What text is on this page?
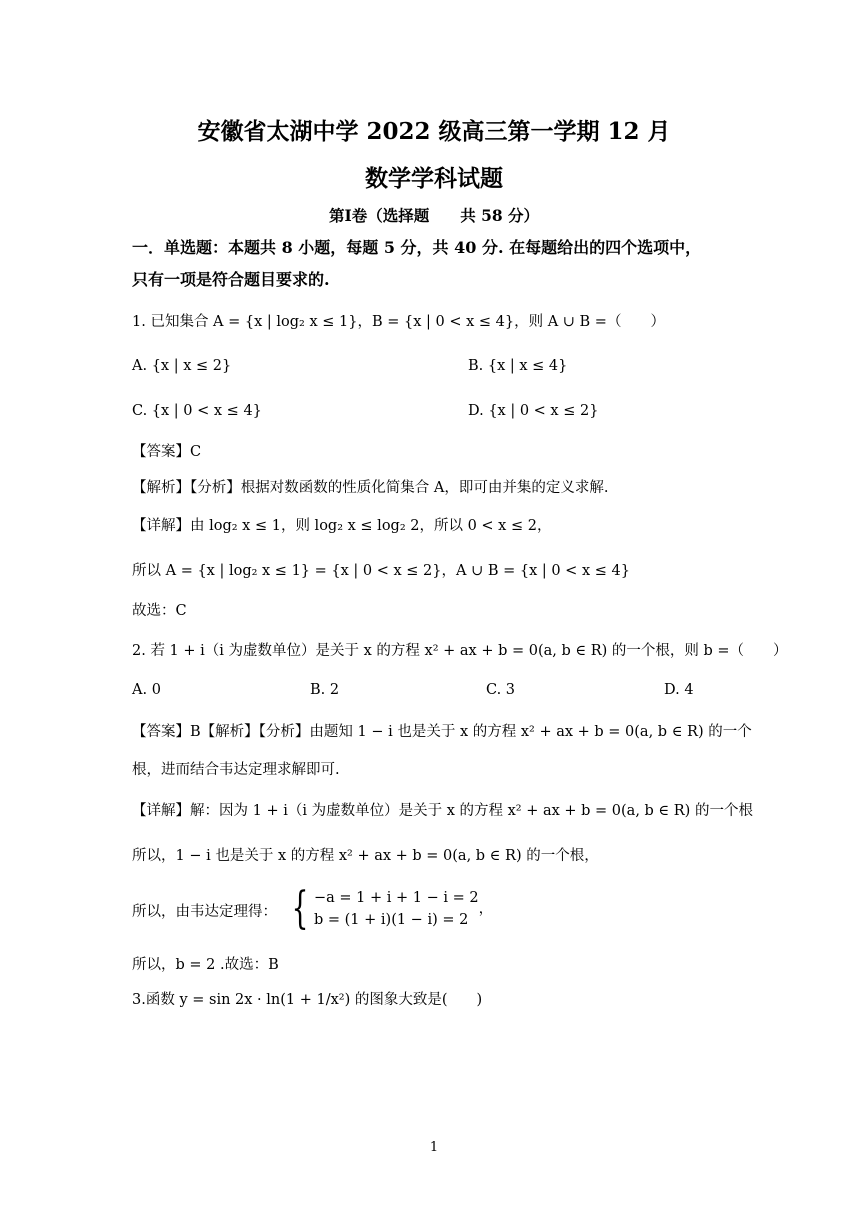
安徽省太湖中学 2022 级高三第一学期 12 月
数学学科试题
第Ⅰ卷（选择题　　共 58 分）
一．单选题：本题共 8 小题，每题 5 分，共 40 分. 在每题给出的四个选项中，
只有一项是符合题目要求的.
1. 已知集合 A = {x | log₂ x ≤ 1}，B = {x | 0 < x ≤ 4}，则 A ∪ B =（　　）
A. {x | x ≤ 2}	B. {x | x ≤ 4}
C. {x | 0 < x ≤ 4}	D. {x | 0 < x ≤ 2}
【答案】C
【解析】【分析】根据对数函数的性质化简集合 A，即可由并集的定义求解.
【详解】由 log₂ x ≤ 1，则 log₂ x ≤ log₂ 2，所以 0 < x ≤ 2，
所以 A = {x | log₂ x ≤ 1} = {x | 0 < x ≤ 2}，A ∪ B = {x | 0 < x ≤ 4}
故选：C
2. 若 1 + i（i 为虚数单位）是关于 x 的方程 x² + ax + b = 0(a, b ∈ R) 的一个根，则 b =（　　）
A. 0	B. 2	C. 3	D. 4
【答案】B【解析】【分析】由题知 1 − i 也是关于 x 的方程 x² + ax + b = 0(a, b ∈ R) 的一个
根，进而结合韦达定理求解即可.
【详解】解：因为 1 + i（i 为虚数单位）是关于 x 的方程 x² + ax + b = 0(a, b ∈ R) 的一个根
所以，1 − i 也是关于 x 的方程 x² + ax + b = 0(a, b ∈ R) 的一个根，
所以，由韦达定理得： { −a = 1 + i + 1 − i = 2
b = (1 + i)(1 − i) = 2
，
所以，b = 2 .故选：B
3.函数 y = sin 2x · ln(1 + 1/x²) 的图象大致是(　　)
1
